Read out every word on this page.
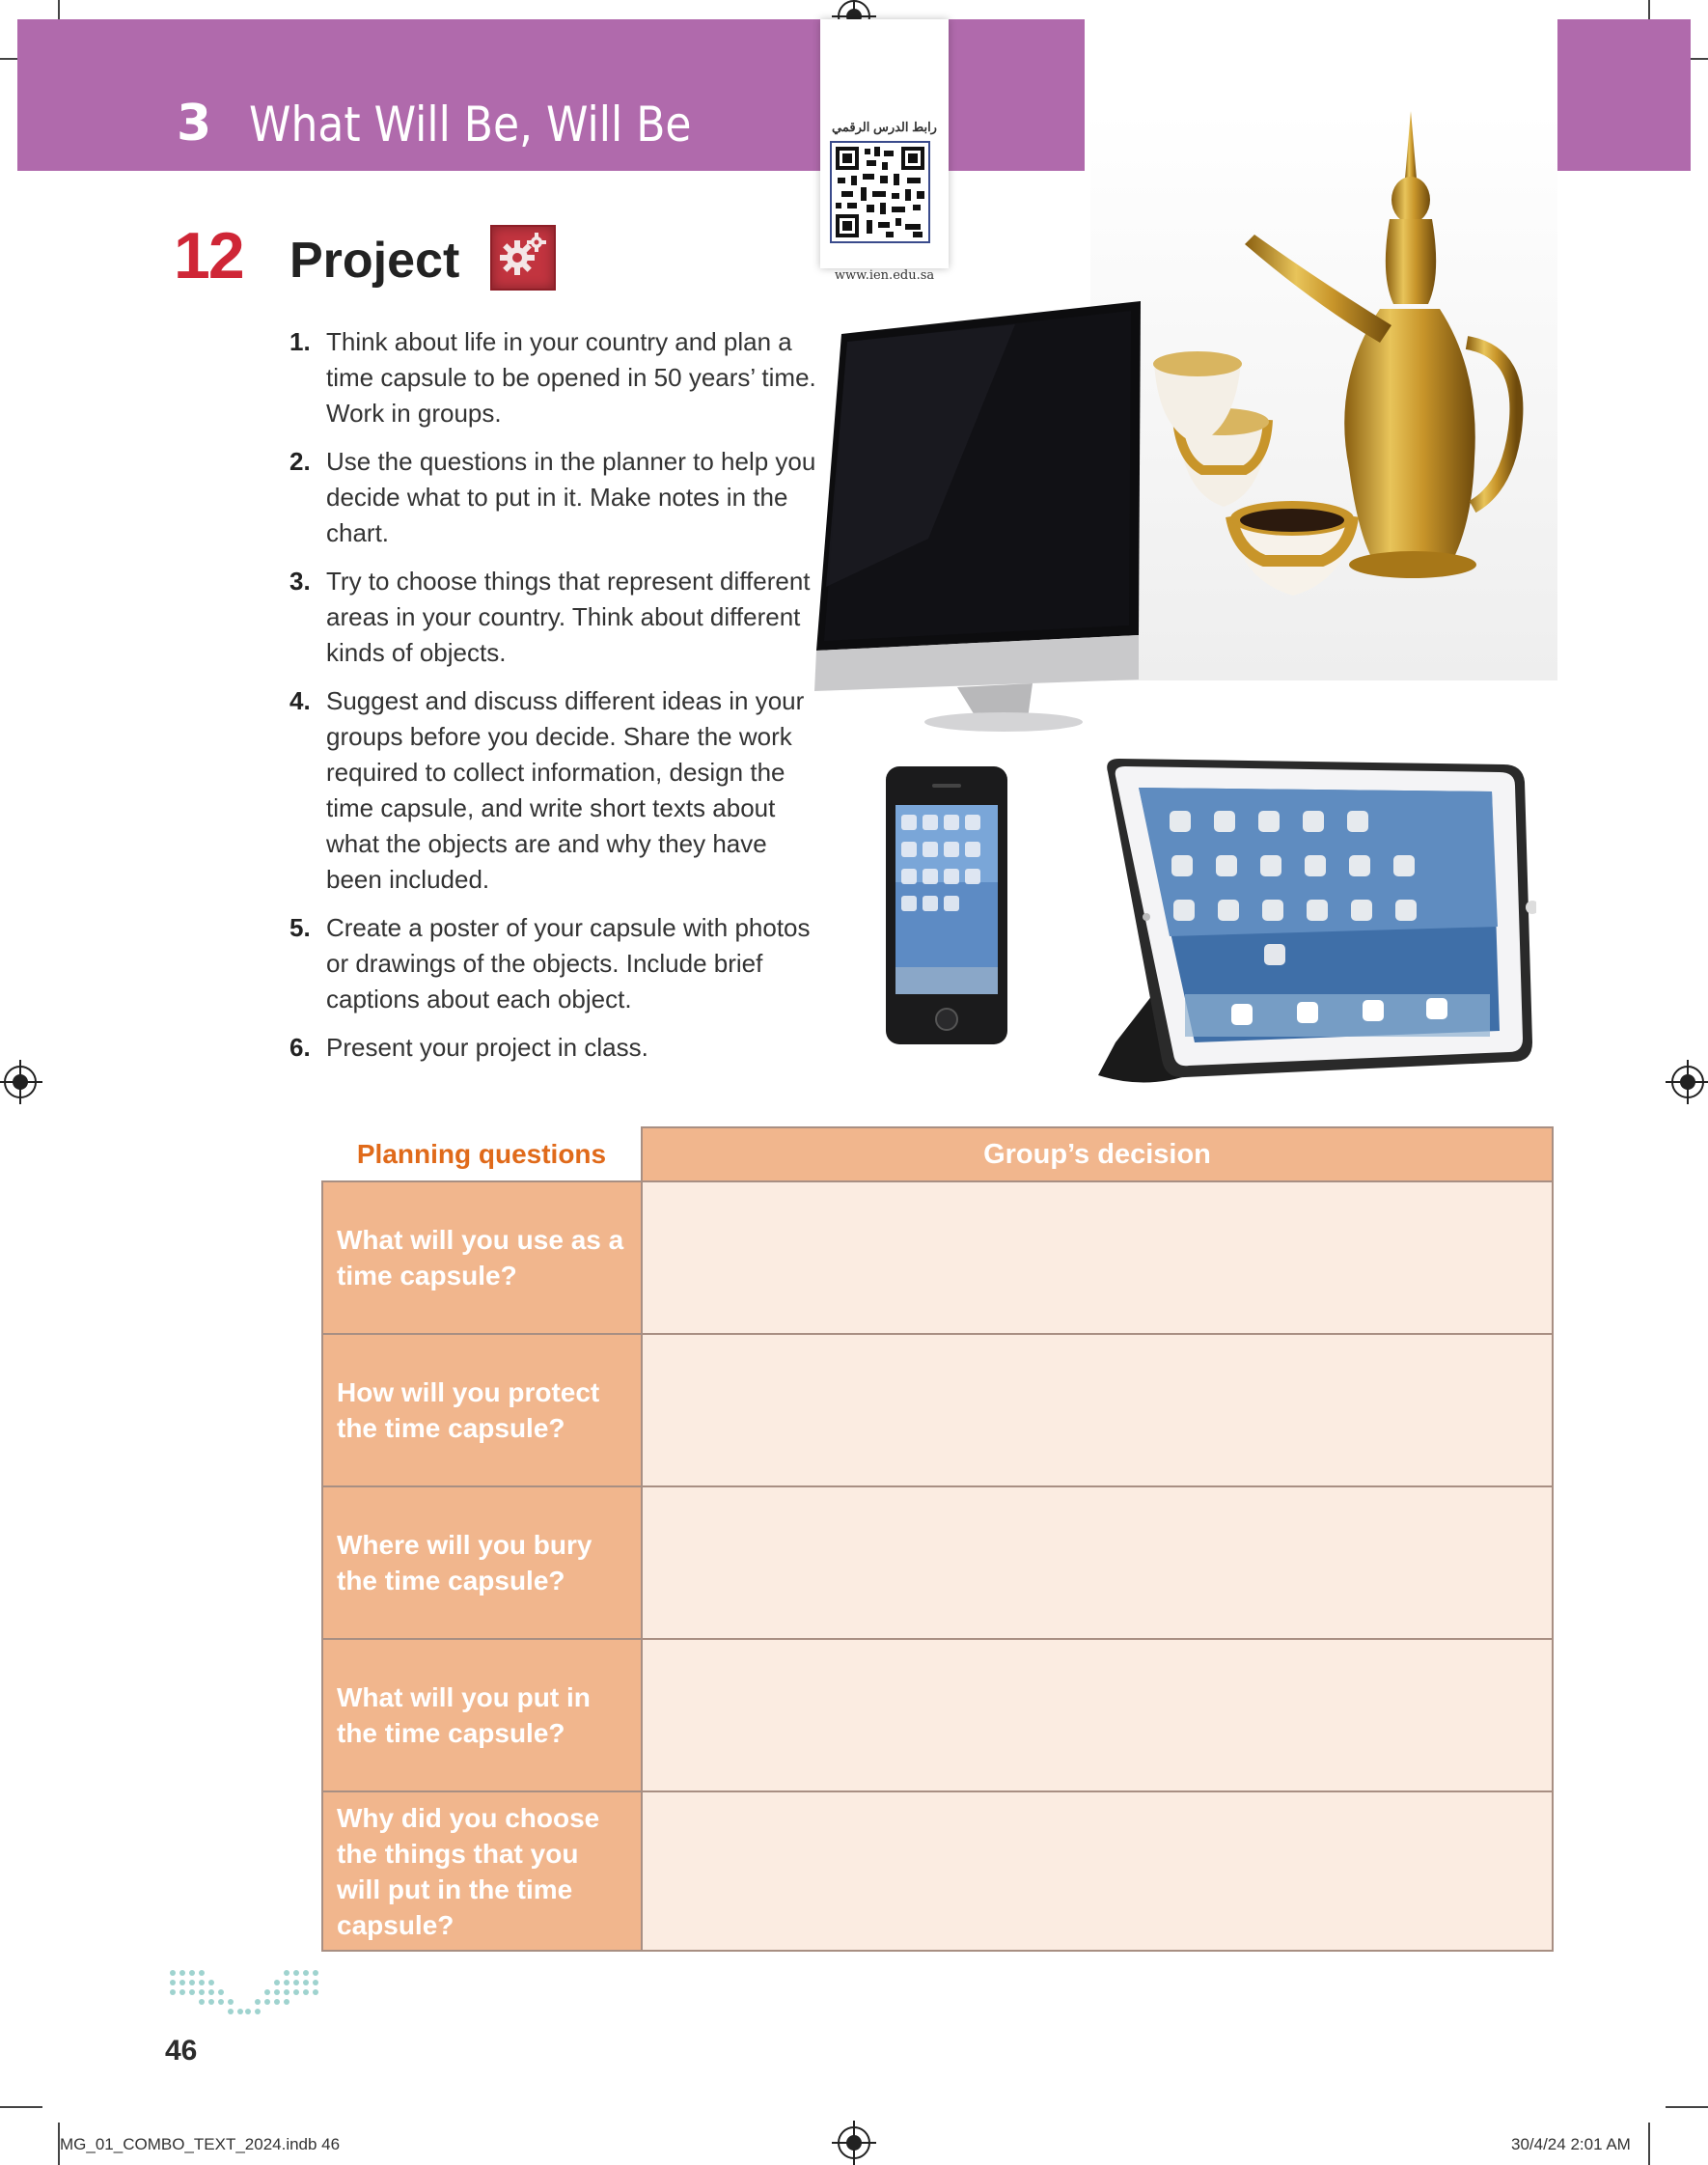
3 What Will Be, Will Be	رابط الدرس الرقمي
www.ien.edu.sa
12 Project
1. Think about life in your country and plan a time capsule to be opened in 50 years’ time. Work in groups.
2. Use the questions in the planner to help you decide what to put in it. Make notes in the chart.
3. Try to choose things that represent different areas in your country. Think about different kinds of objects.
4. Suggest and discuss different ideas in your groups before you decide. Share the work required to collect information, design the time capsule, and write short texts about what the objects are and why they have been included.
5. Create a poster of your capsule with photos or drawings of the objects. Include brief captions about each object.
6. Present your project in class.
Planning questions	Group’s decision
What will you use as a time capsule?	
How will you protect the time capsule?	
Where will you bury the time capsule?	
What will you put in the time capsule?	
Why did you choose the things that you will put in the time capsule?	
46
MG_01_COMBO_TEXT_2024.indb 46	30/4/24 2:01 AM
